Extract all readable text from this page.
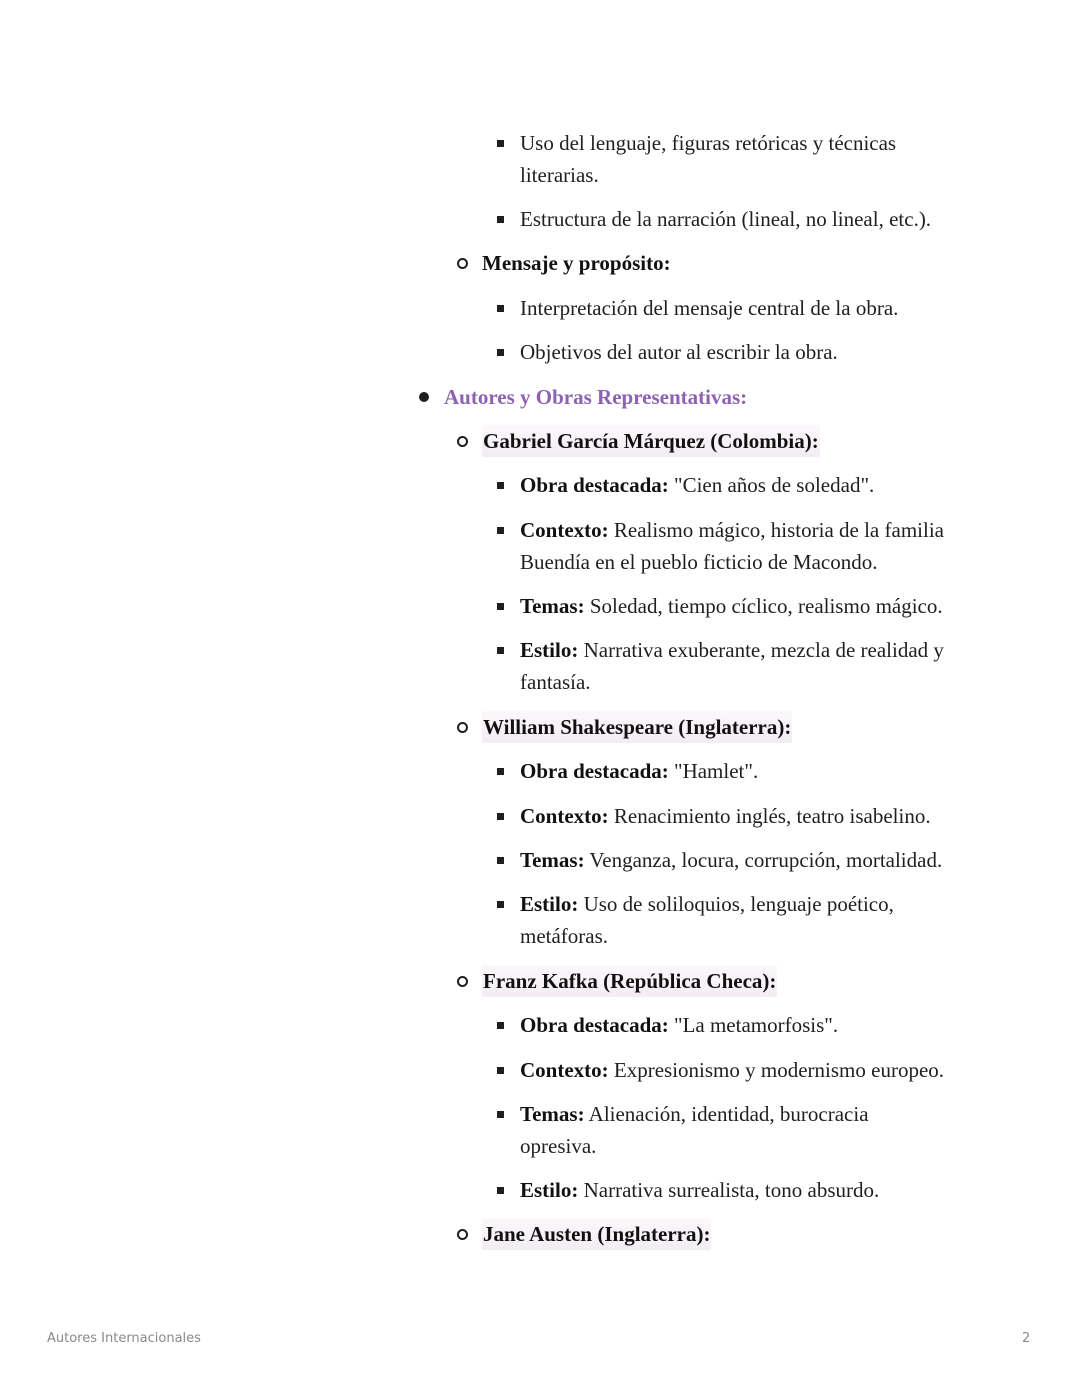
Uso del lenguaje, figuras retóricas y técnicas
literarias.
Estructura de la narración (lineal, no lineal, etc.).
Mensaje y propósito:
Interpretación del mensaje central de la obra.
Objetivos del autor al escribir la obra.
Autores y Obras Representativas:
Gabriel García Márquez (Colombia):
Obra destacada: "Cien años de soledad".
Contexto: Realismo mágico, historia de la familia
Buendía en el pueblo ficticio de Macondo.
Temas: Soledad, tiempo cíclico, realismo mágico.
Estilo: Narrativa exuberante, mezcla de realidad y
fantasía.
William Shakespeare (Inglaterra):
Obra destacada: "Hamlet".
Contexto: Renacimiento inglés, teatro isabelino.
Temas: Venganza, locura, corrupción, mortalidad.
Estilo: Uso de soliloquios, lenguaje poético,
metáforas.
Franz Kafka (República Checa):
Obra destacada: "La metamorfosis".
Contexto: Expresionismo y modernismo europeo.
Temas: Alienación, identidad, burocracia
opresiva.
Estilo: Narrativa surrealista, tono absurdo.
Jane Austen (Inglaterra):
Autores Internacionales	2
